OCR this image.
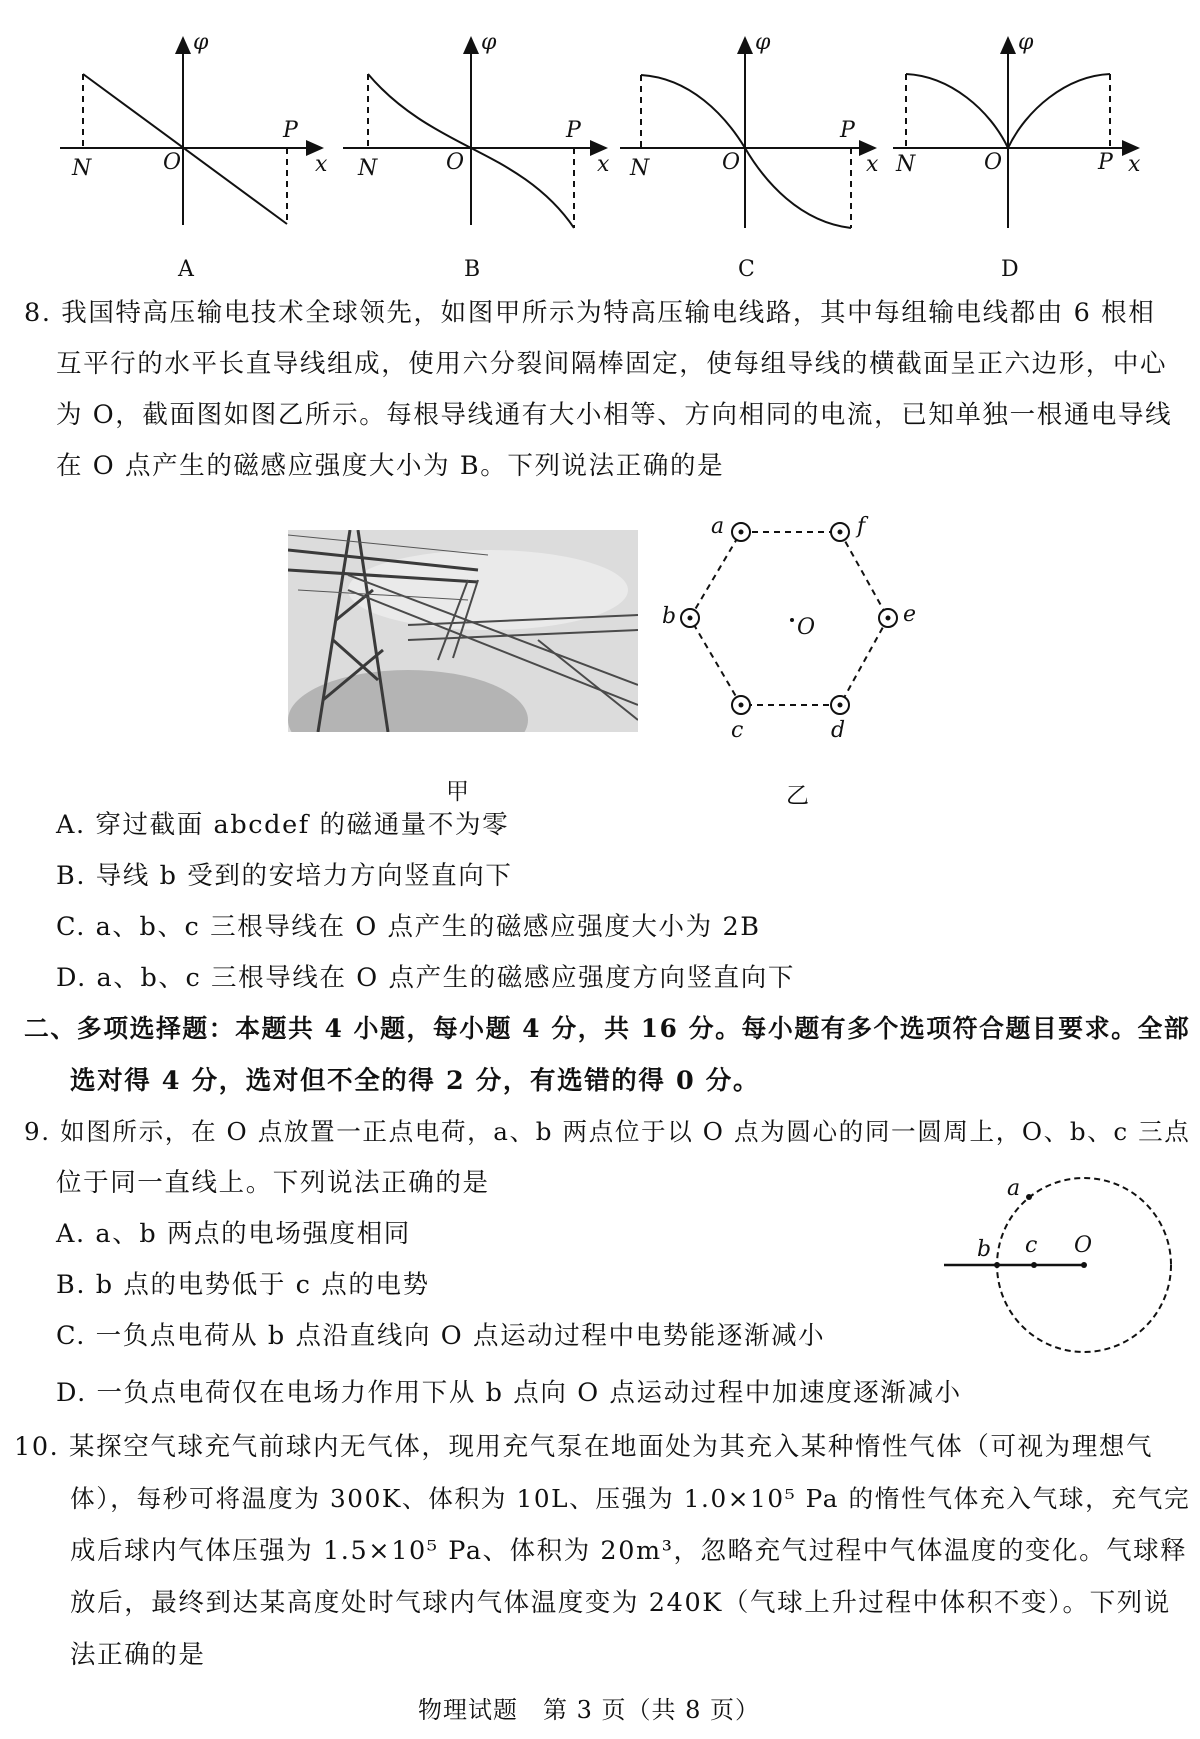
φ
x
N	O
P
A
φ
x
N	O
P
B
φ
x
N	O
P
C
φ
x
N	O	P
D
8. 我国特高压输电技术全球领先，如图甲所示为特高压输电线路，其中每组输电线都由 6 根相
互平行的水平长直导线组成，使用六分裂间隔棒固定，使每组导线的横截面呈正六边形，中心
为 O，截面图如图乙所示。每根导线通有大小相等、方向相同的电流，已知单独一根通电导线
在 O 点产生的磁感应强度大小为 B。下列说法正确的是
a	f
e
b
c	d
O
甲	乙
A. 穿过截面 abcdef 的磁通量不为零
B. 导线 b 受到的安培力方向竖直向下
C. a、b、c 三根导线在 O 点产生的磁感应强度大小为 2B
D. a、b、c 三根导线在 O 点产生的磁感应强度方向竖直向下
二、多项选择题：本题共 4 小题，每小题 4 分，共 16 分。每小题有多个选项符合题目要求。全部
选对得 4 分，选对但不全的得 2 分，有选错的得 0 分。
9. 如图所示，在 O 点放置一正点电荷，a、b 两点位于以 O 点为圆心的同一圆周上，O、b、c 三点
位于同一直线上。下列说法正确的是
A. a、b 两点的电场强度相同
B. b 点的电势低于 c 点的电势
C. 一负点电荷从 b 点沿直线向 O 点运动过程中电势能逐渐减小
D. 一负点电荷仅在电场力作用下从 b 点向 O 点运动过程中加速度逐渐减小
a
b c O
10. 某探空气球充气前球内无气体，现用充气泵在地面处为其充入某种惰性气体（可视为理想气
体），每秒可将温度为 300K、体积为 10L、压强为 1.0×10⁵ Pa 的惰性气体充入气球，充气完
成后球内气体压强为 1.5×10⁵ Pa、体积为 20m³，忽略充气过程中气体温度的变化。气球释
放后，最终到达某高度处时气球内气体温度变为 240K（气球上升过程中体积不变）。下列说
法正确的是
物理试题　第 3 页（共 8 页）
